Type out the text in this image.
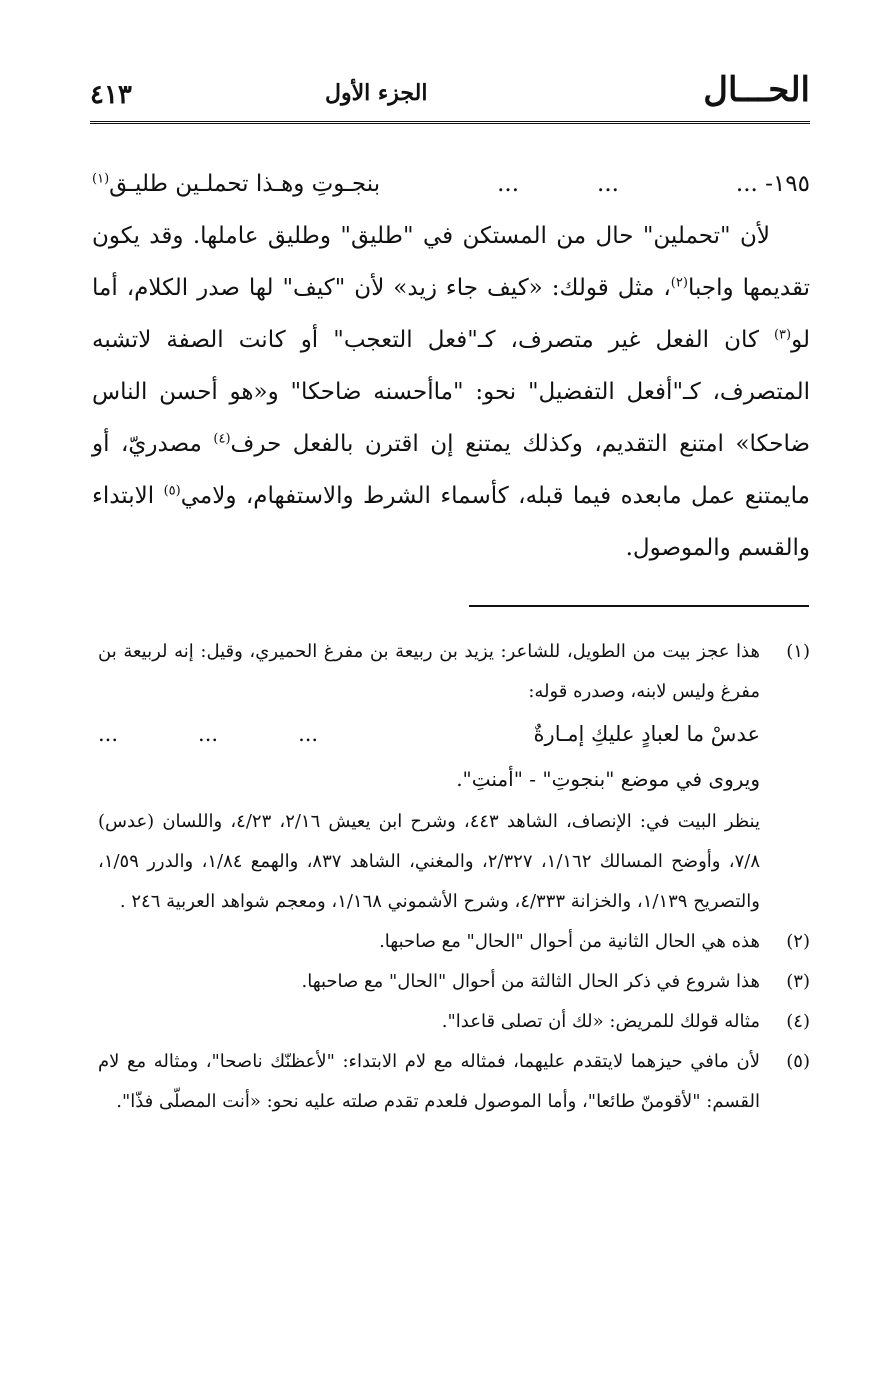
الحـــال
الجزء الأول
٤١٣
١٩٥- ...
...
...
بنجـوتِ وهـذا تحملـين طليـق$^{(١)}$

لأن "تحملين" حال من المستكن في "طليق" وطليق عاملها. وقد يكون تقديمها واجبا$^{(٢)}$، مثل قولك: «كيف جاء زيد» لأن "كيف" لها صدر الكلام، أما لو$^{(٣)}$ كان الفعل غير متصرف، كـ"فعل التعجب" أو كانت الصفة لاتشبه المتصرف، كـ"أفعل التفضيل" نحو: "ماأحسنه ضاحكا" و«هو أحسن الناس ضاحكا» امتنع التقديم، وكذلك يمتنع إن اقترن بالفعل حرف$^{(٤)}$ مصدريّ، أو مايمتنع عمل مابعده فيما قبله، كأسماء الشرط والاستفهام، ولامي$^{(٥)}$ الابتداء والقسم والموصول.

(١)

هذا عجز بيت من الطويل، للشاعر: يزيد بن ربيعة بن مفرغ الحميري، وقيل: إنه لربيعة بن مفرغ وليس لابنه، وصدره قوله:

عدسْ ما لعبادٍ عليكِ إمـارةٌ
...
...
...

ويروى في موضع "بنجوتِ" - "أمنتِ".

ينظر البيت في: الإنصاف، الشاهد ٤٤٣، وشرح ابن يعيش ٢/١٦، ٤/٢٣، واللسان (عدس) ٧/٨، وأوضح المسالك ١/١٦٢، ٢/٣٢٧، والمغني، الشاهد ٨٣٧، والهمع ١/٨٤، والدرر ١/٥٩، والتصريح ١/١٣٩، والخزانة ٤/٣٣٣، وشرح الأشموني ١/١٦٨، ومعجم شواهد العربية ٢٤٦ .

(٢)
هذه هي الحال الثانية من أحوال "الحال" مع صاحبها.
(٣)
هذا شروع في ذكر الحال الثالثة من أحوال "الحال" مع صاحبها.
(٤)
مثاله قولك للمريض: «لك أن تصلى قاعدا".
(٥)
لأن مافي حيزهما لايتقدم عليهما، فمثاله مع لام الابتداء: "لأعظنّك ناصحا"، ومثاله مع لام القسم: "لأقومنّ طائعا"، وأما الموصول فلعدم تقدم صلته عليه نحو: «أنت المصلّى فذّا".
